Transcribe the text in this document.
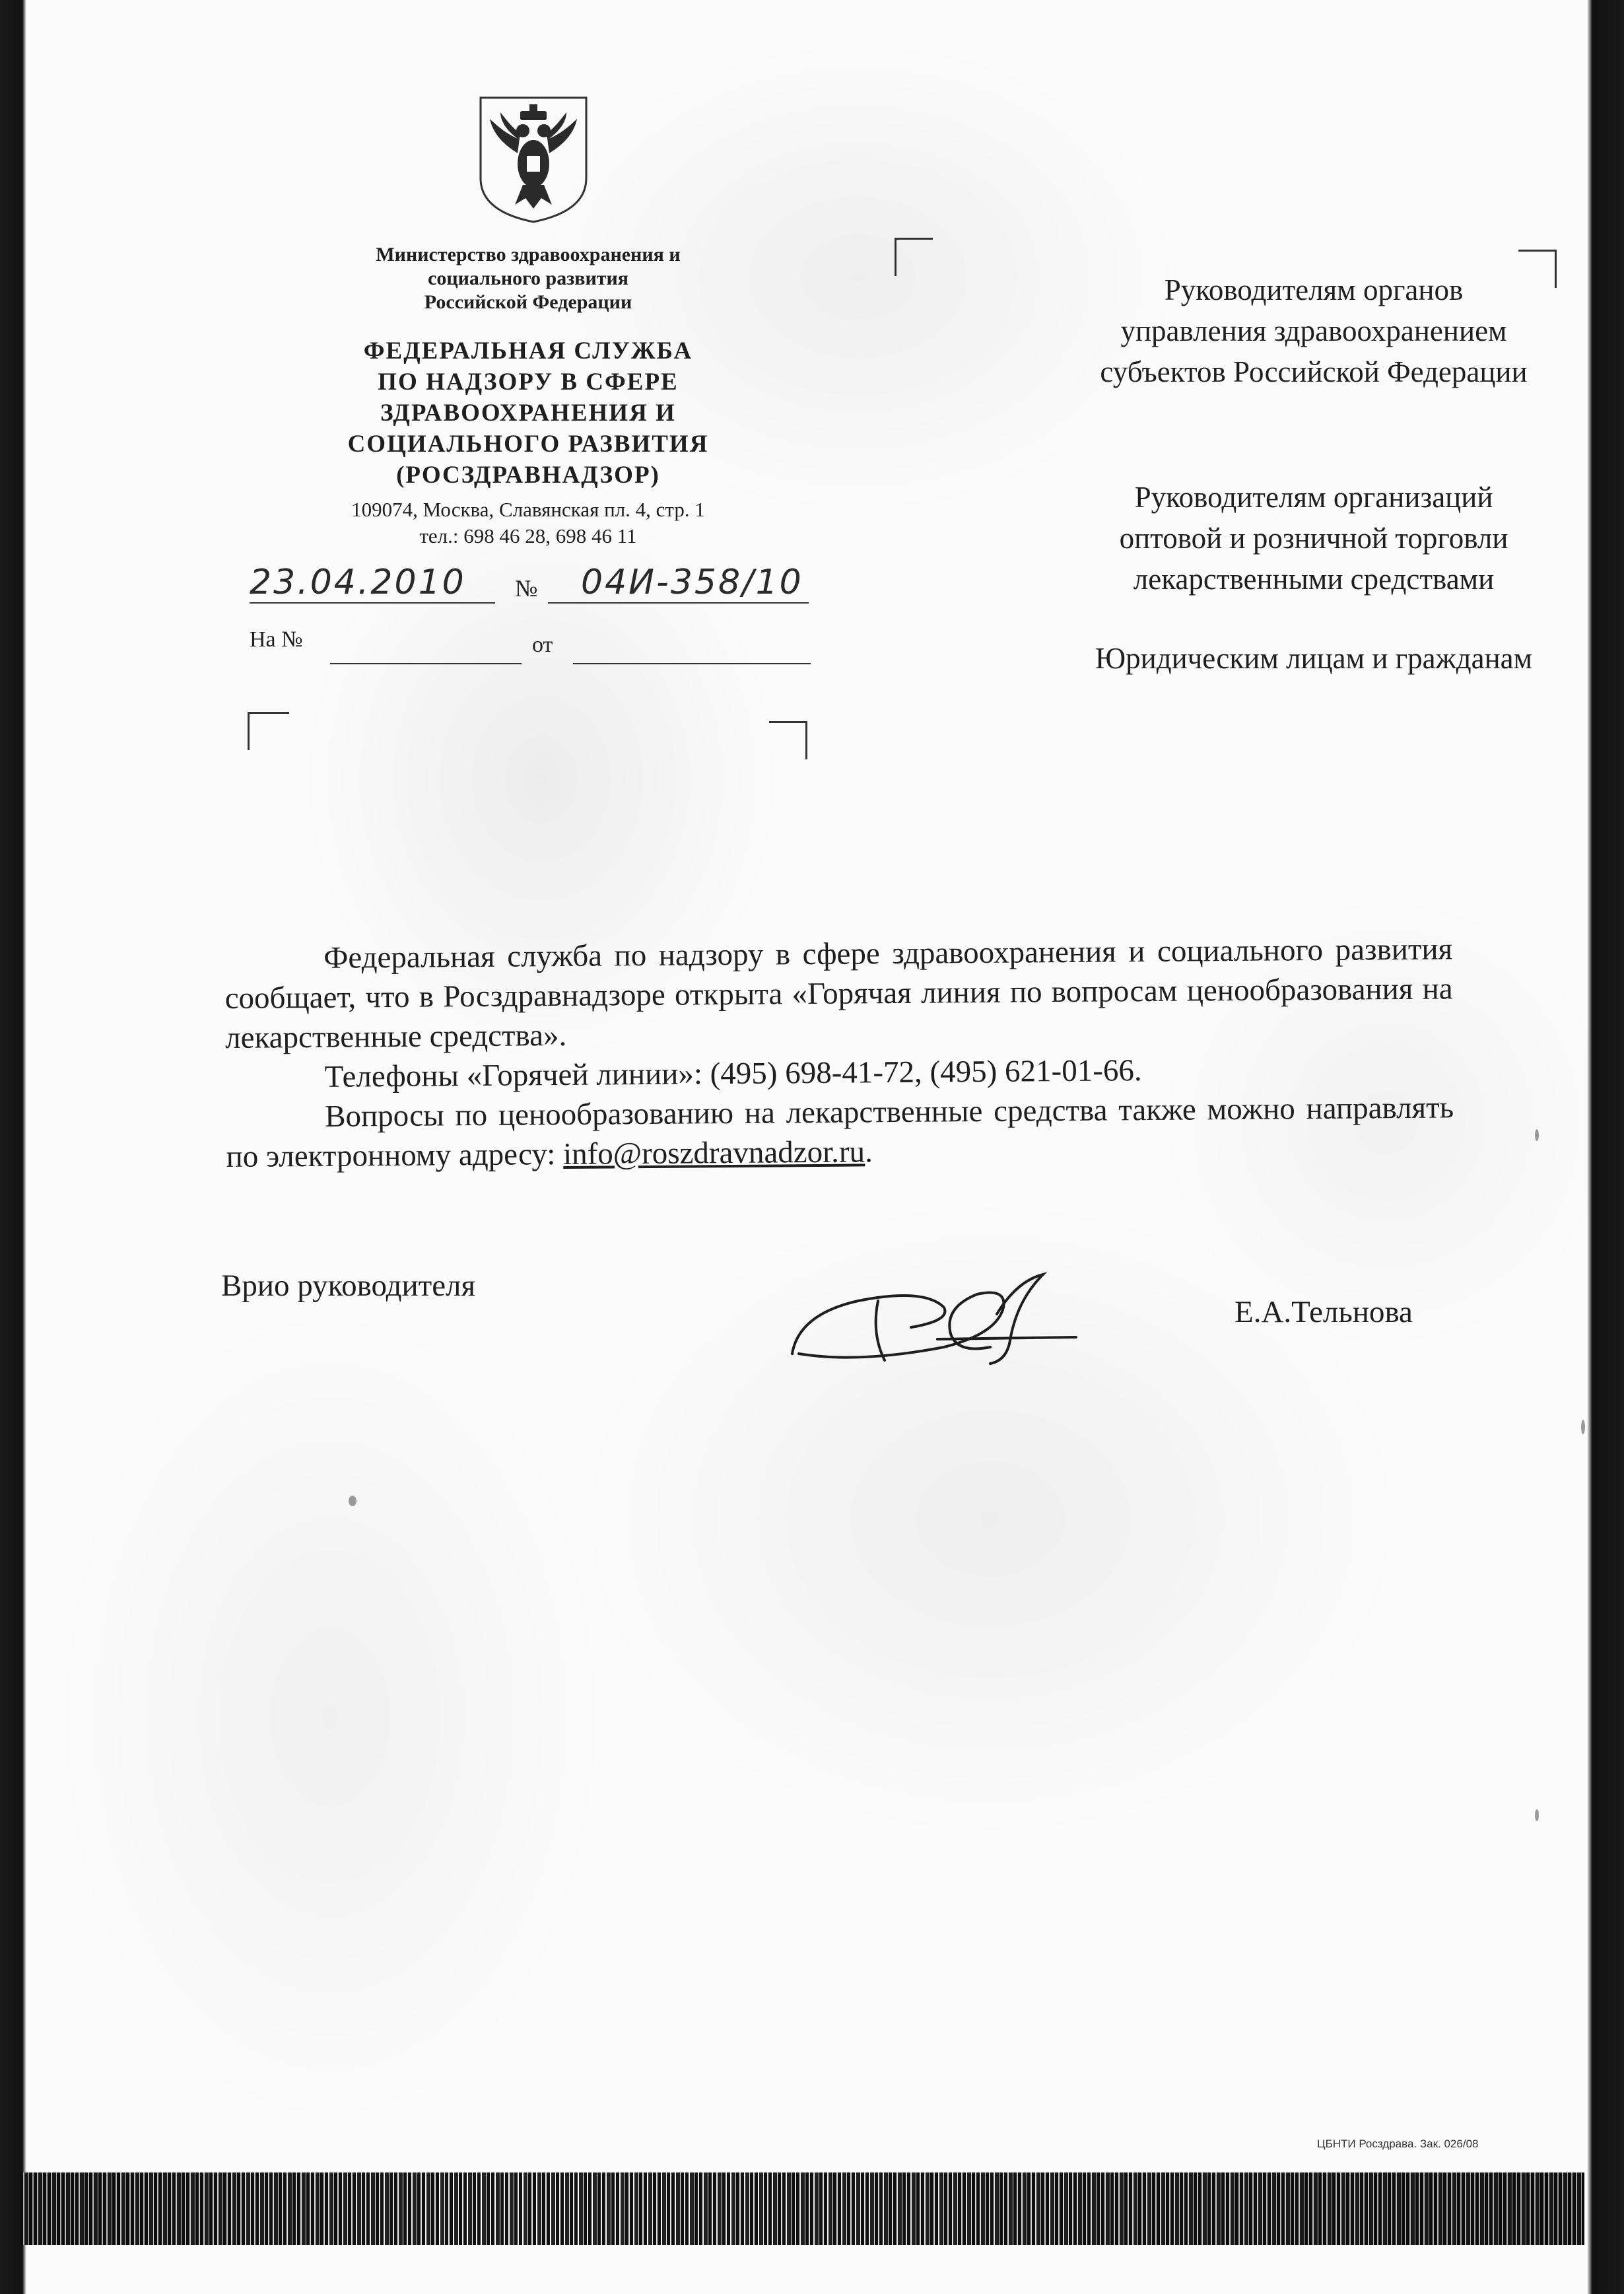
Министерство здравоохранения и
социального развития
Российской Федерации
ФЕДЕРАЛЬНАЯ СЛУЖБА
ПО НАДЗОРУ В СФЕРЕ
ЗДРАВООХРАНЕНИЯ И
СОЦИАЛЬНОГО РАЗВИТИЯ
(РОСЗДРАВНАДЗОР)
109074, Москва, Славянская пл. 4, стр. 1
тел.: 698 46 28, 698 46 11
23.04.2010 № 04И-358/10
На №	от
Руководителям органов
управления здравоохранением
субъектов Российской Федерации
Руководителям организаций
оптовой и розничной торговли
лекарственными средствами
Юридическим лицам и гражданам

Федеральная служба по надзору в сфере здравоохранения и социального развития сообщает, что в Росздравнадзоре открыта «Горячая линия по вопросам ценообразования на лекарственные средства».

Телефоны «Горячей линии»: (495) 698-41-72, (495) 621-01-66.

Вопросы по ценообразованию на лекарственные средства также можно направлять по электронному адресу: info@roszdravnadzor.ru.

Врио руководителя
Е.А.Тельнова
ЦБНТИ Росздрава. Зак. 026/08
